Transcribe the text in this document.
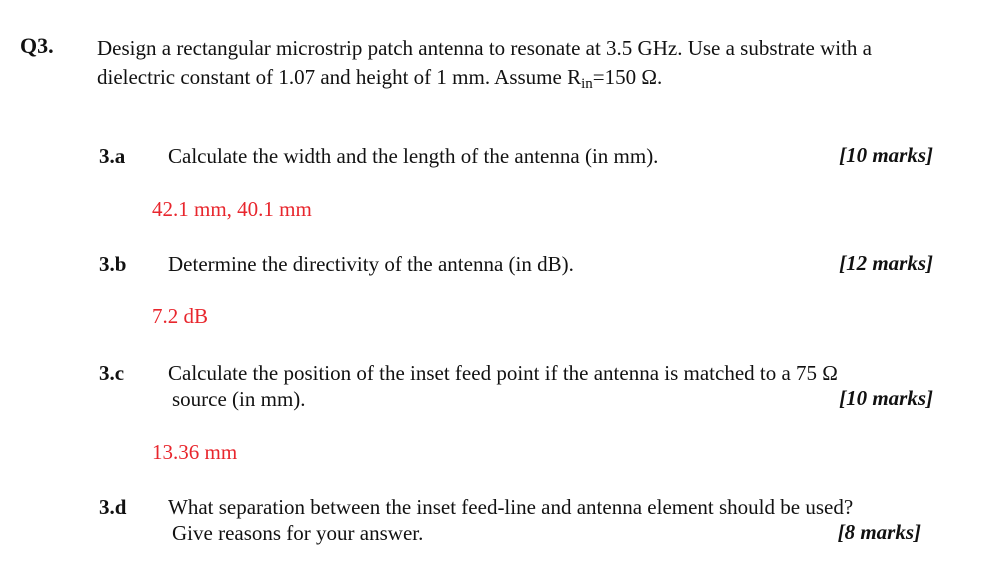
Q3. Design a rectangular microstrip patch antenna to resonate at 3.5 GHz. Use a substrate with a
dielectric constant of 1.07 and height of 1 mm. Assume $R_{in}=150$ Ω.
3.a Calculate the width and the length of the antenna (in mm).	[10 marks]
42.1 mm, 40.1 mm
3.b Determine the directivity of the antenna (in dB).	[12 marks]
7.2 dB
3.c Calculate the position of the inset feed point if the antenna is matched to a 75 Ω
source (in mm).	[10 marks]
13.36 mm
3.d What separation between the inset feed-line and antenna element should be used?
Give reasons for your answer.	[8 marks]
